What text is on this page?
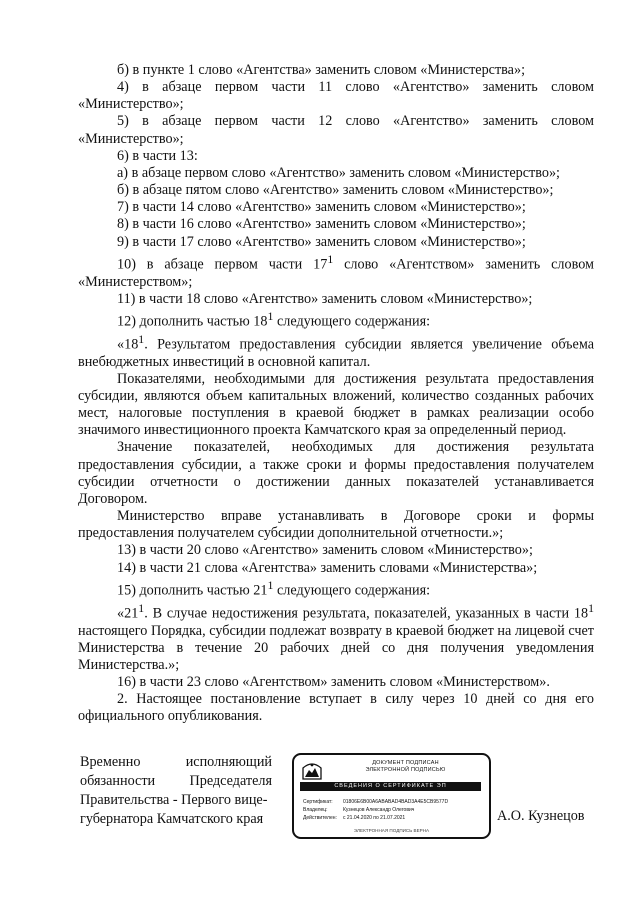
б) в пункте 1 слово «Агентства» заменить словом «Министерства»;

4) в абзаце первом части 11 слово «Агентство» заменить словом «Министерство»;

5) в абзаце первом части 12 слово «Агентство» заменить словом «Министерство»;

6) в части 13:

а) в абзаце первом слово «Агентство» заменить словом «Министерство»;

б) в абзаце пятом слово «Агентство» заменить словом «Министерство»;

7) в части 14 слово «Агентство» заменить словом «Министерство»;

8) в части 16 слово «Агентство» заменить словом «Министерство»;

9) в части 17 слово «Агентство» заменить словом «Министерство»;

10) в абзаце первом части $17^1$ слово «Агентством» заменить словом «Министерством»;

11) в части 18 слово «Агентство» заменить словом «Министерство»;

12) дополнить частью $18^1$ следующего содержания:

«$18^1$. Результатом предоставления субсидии является увеличение объема внебюджетных инвестиций в основной капитал.

Показателями, необходимыми для достижения результата предоставления субсидии, являются объем капитальных вложений, количество созданных рабочих мест, налоговые поступления в краевой бюджет в рамках реализации особо значимого инвестиционного проекта Камчатского края за определенный период.

Значение показателей, необходимых для достижения результата предоставления субсидии, а также сроки и формы предоставления получателем субсидии отчетности о достижении данных показателей устанавливается Договором.

Министерство вправе устанавливать в Договоре сроки и формы предоставления получателем субсидии дополнительной отчетности.»;

13) в части 20 слово «Агентство» заменить словом «Министерство»;

14) в части 21 слова «Агентства» заменить словами «Министерства»;

15) дополнить частью $21^1$ следующего содержания:

«$21^1$. В случае недостижения результата, показателей, указанных в части $18^1$ настоящего Порядка, субсидии подлежат возврату в краевой бюджет на лицевой счет Министерства в течение 20 рабочих дней со дня получения уведомления Министерства.»;

16) в части 23 слово «Агентством» заменить словом «Министерством».

2. Настоящее постановление вступает в силу через 10 дней со дня его официального опубликования.

Временно	исполняющий
обязанности Председателя
Правительства - Первого вице-
губернатора Камчатского края
ДОКУМЕНТ ПОДПИСАН
ЭЛЕКТРОННОЙ ПОДПИСЬЮ
СВЕДЕНИЯ О СЕРТИФИКАТЕ ЭП
Сертификат: 01806E6B00A6ABABAD4BAD3A4E5CB9577D
Владелец:	Кузнецов Александр Олегович
Действителен: с 21.04.2020 по 21.07.2021
ЭЛЕКТРОННАЯ ПОДПИСЬ ВЕРНА
А.О. Кузнецов
